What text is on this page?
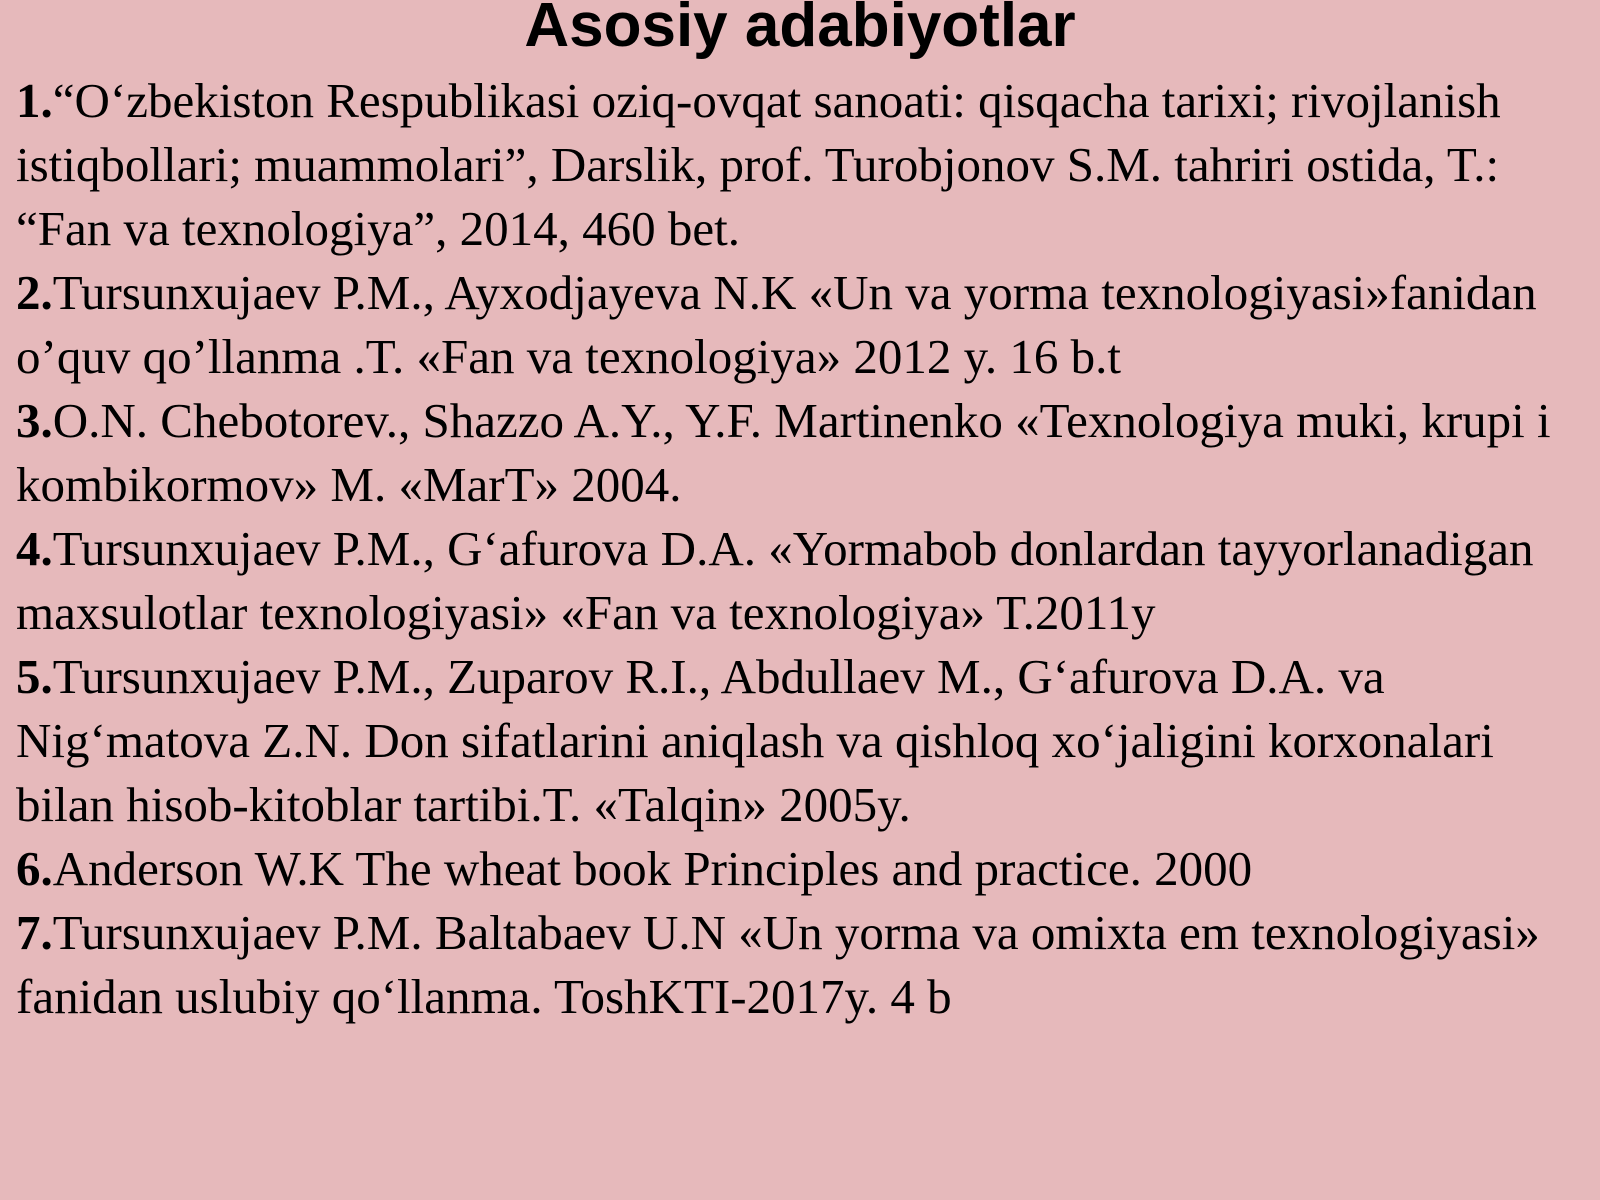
Asosiy adabiyotlar
1.“O‘zbekiston Respublikasi oziq-ovqat sanoati: qisqacha tarixi; rivojlanish istiqbollari; muammolari”, Darslik, prof. Turobjonov S.M. tahriri ostida, T.: “Fan va texnologiya”, 2014, 460 bet.
2.Tursunxujaev P.M., Ayxodjayeva N.K «Un va yorma texnologiyasi»fanidan o’quv qo’llanma .T. «Fan va texnologiya» 2012 y. 16 b.t
3.O.N. Chebotorev., Shazzo A.Y., Y.F. Martinenko «Texnologiya muki, krupi i kombikormov» M. «MarT» 2004.
4.Tursunxujaev P.M., G‘afurova D.A. «Yormabob donlardan tayyorlanadigan maxsulotlar texnologiyasi» «Fan va texnologiya» T.2011y
5.Tursunxujaev P.M., Zuparov R.I., Abdullaev M., G‘afurova D.A. va Nig‘matova Z.N. Don sifatlarini aniqlash va qishloq xo‘jaligini korxonalari bilan hisob-kitoblar tartibi.T. «Talqin» 2005y.
6.Anderson W.K The wheat book Principles and practice. 2000
7.Tursunxujaev P.M. Baltabaev U.N «Un yorma va omixta em texnologiyasi» fanidan uslubiy qo‘llanma. ToshKTI-2017y. 4 b
